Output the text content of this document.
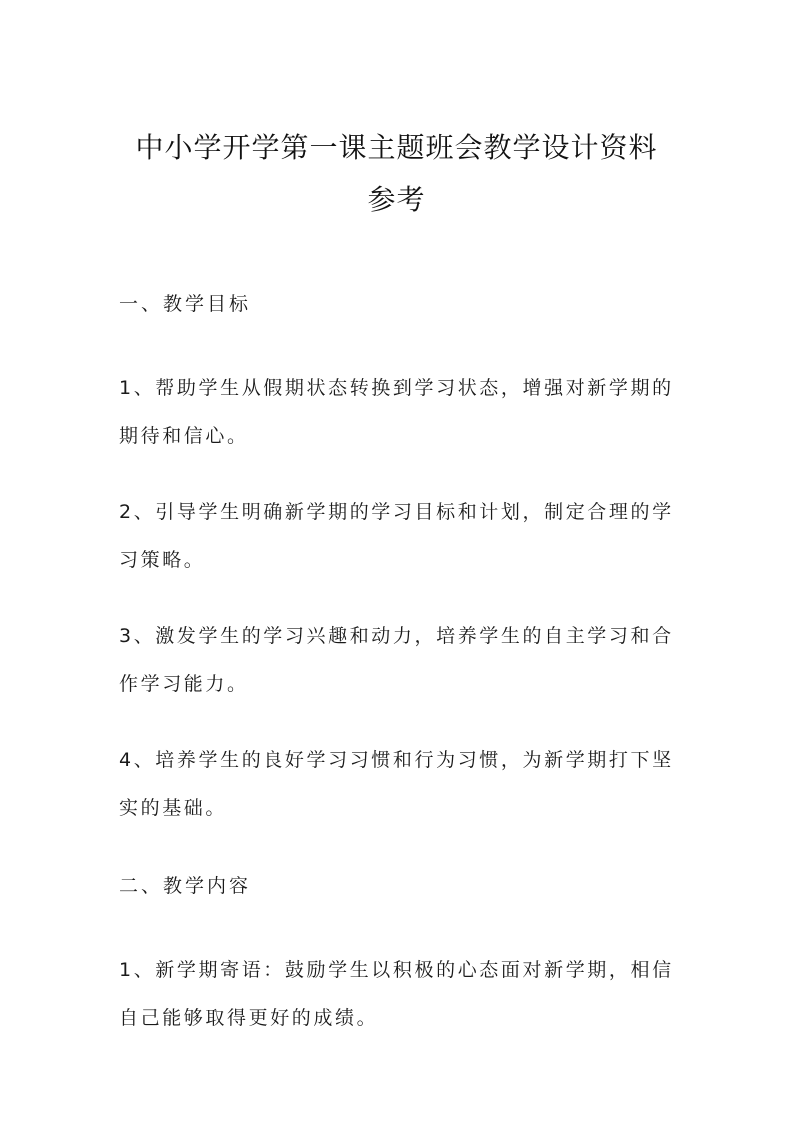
中小学开学第一课主题班会教学设计资料
参考
一、教学目标
1、帮助学生从假期状态转换到学习状态，增强对新学期的
期待和信心。
2、引导学生明确新学期的学习目标和计划，制定合理的学
习策略。
3、激发学生的学习兴趣和动力，培养学生的自主学习和合
作学习能力。
4、培养学生的良好学习习惯和行为习惯，为新学期打下坚
实的基础。
二、教学内容
1、新学期寄语：鼓励学生以积极的心态面对新学期，相信
自己能够取得更好的成绩。
